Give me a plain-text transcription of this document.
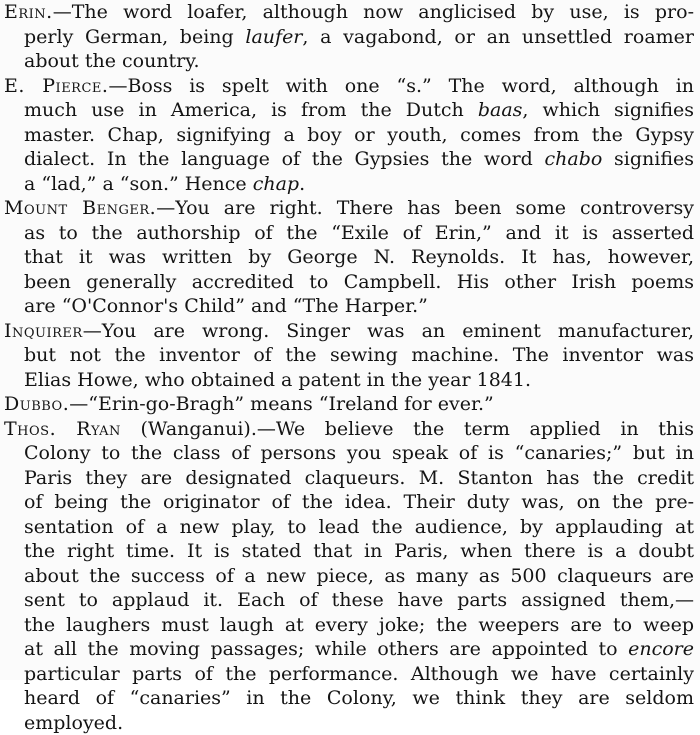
Erin.—The word loafer, although now anglicised by use, is pro-
perly German, being laufer, a vagabond, or an unsettled roamer
about the country.
E. Pierce.—Boss is spelt with one “s.” The word, although in
much use in America, is from the Dutch baas, which signifies
master. Chap, signifying a boy or youth, comes from the Gypsy
dialect. In the language of the Gypsies the word chabo signifies
a “lad,” a “son.” Hence chap.
Mount Benger.—You are right. There has been some controversy
as to the authorship of the “Exile of Erin,” and it is asserted
that it was written by George N. Reynolds. It has, however,
been generally accredited to Campbell. His other Irish poems
are “O'Connor's Child” and “The Harper.”
Inquirer—You are wrong. Singer was an eminent manufacturer,
but not the inventor of the sewing machine. The inventor was
Elias Howe, who obtained a patent in the year 1841.
Dubbo.—“Erin-go-Bragh” means “Ireland for ever.”
Thos. Ryan (Wanganui).—We believe the term applied in this
Colony to the class of persons you speak of is “canaries;” but in
Paris they are designated claqueurs. M. Stanton has the credit
of being the originator of the idea. Their duty was, on the pre-
sentation of a new play, to lead the audience, by applauding at
the right time. It is stated that in Paris, when there is a doubt
about the success of a new piece, as many as 500 claqueurs are
sent to applaud it. Each of these have parts assigned them,—
the laughers must laugh at every joke; the weepers are to weep
at all the moving passages; while others are appointed to encore
particular parts of the performance. Although we have certainly
heard of “canaries” in the Colony, we think they are seldom
employed.
